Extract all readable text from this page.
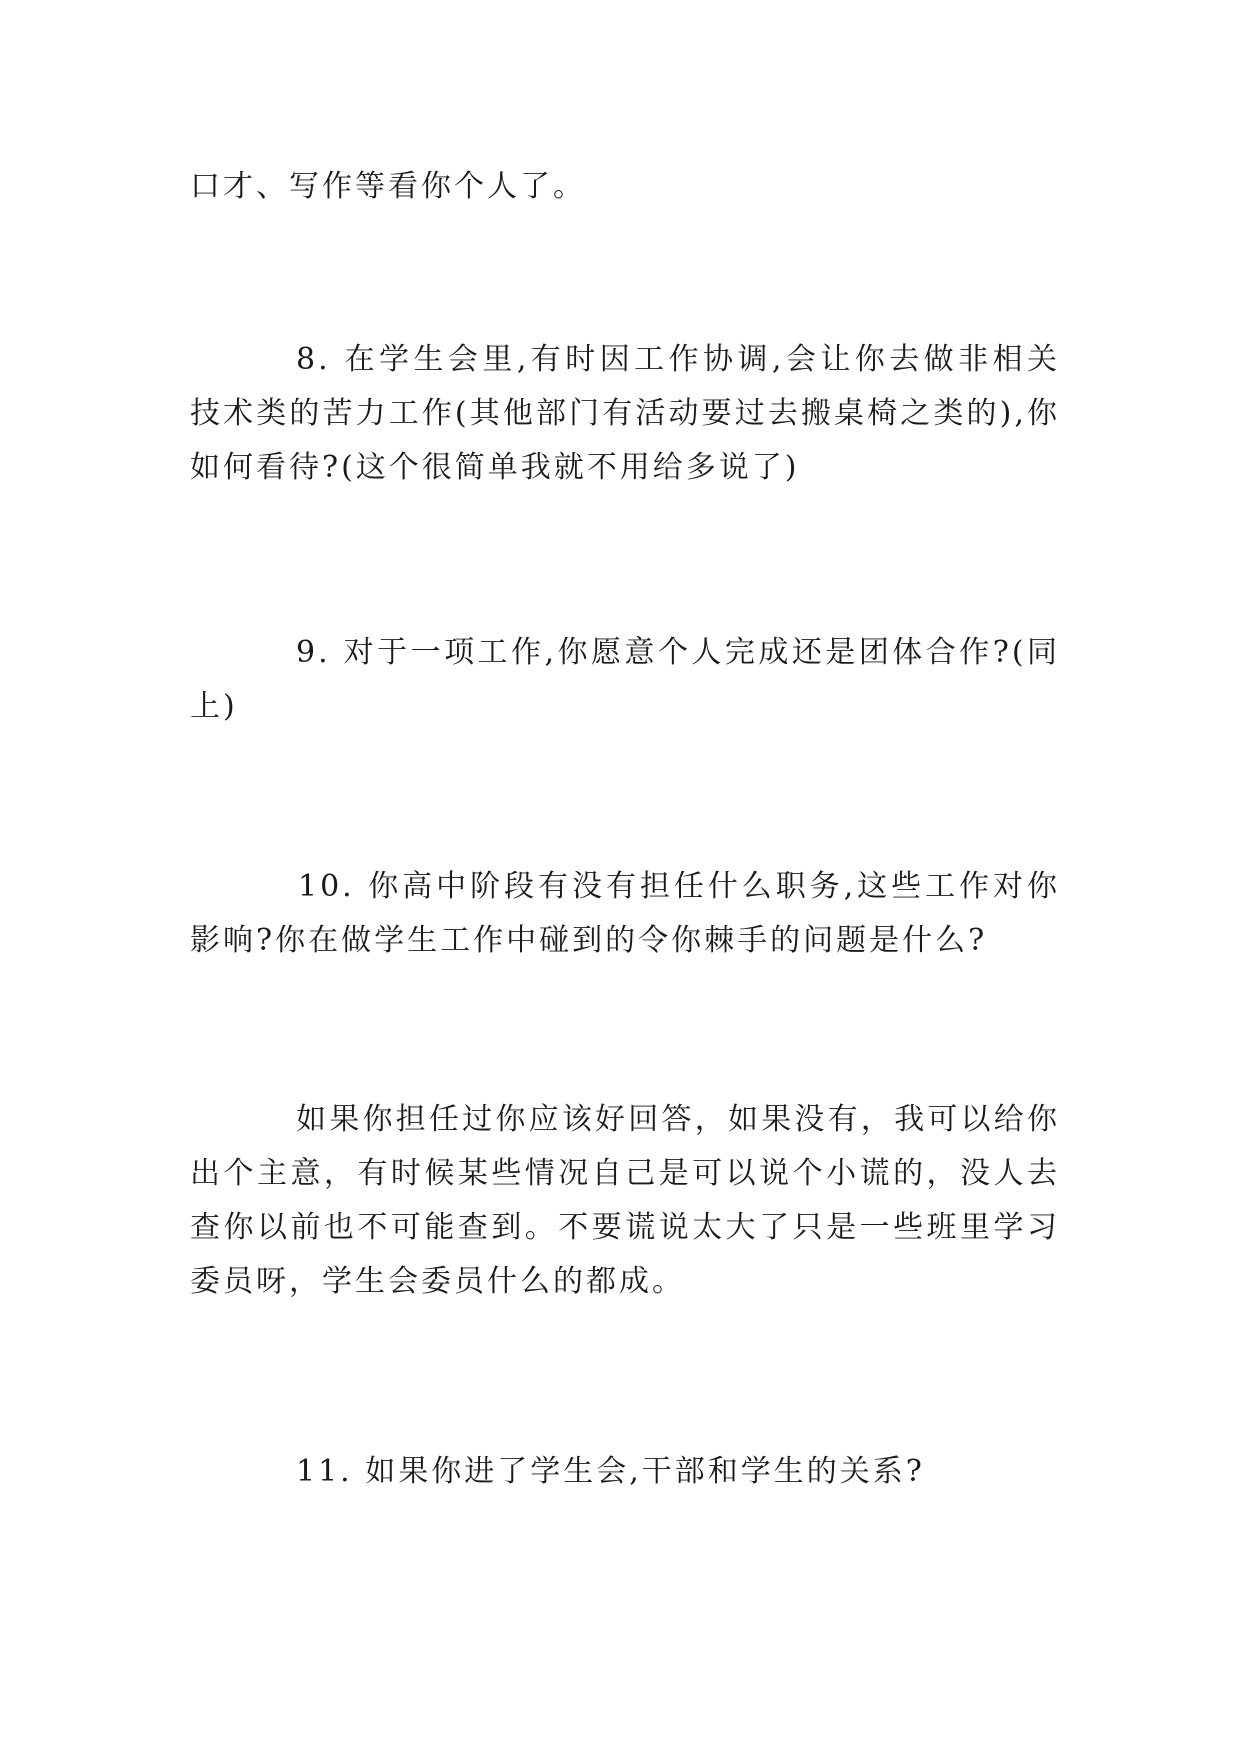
口才、写作等看你个人了。

8. 在学生会里,有时因工作协调,会让你去做非相关技术类的苦力工作(其他部门有活动要过去搬桌椅之类的),你如何看待?(这个很简单我就不用给多说了)

9. 对于一项工作,你愿意个人完成还是团体合作?(同上)

10. 你高中阶段有没有担任什么职务,这些工作对你影响?你在做学生工作中碰到的令你棘手的问题是什么?

如果你担任过你应该好回答，如果没有，我可以给你出个主意，有时候某些情况自己是可以说个小谎的，没人去查你以前也不可能查到。不要谎说太大了只是一些班里学习委员呀，学生会委员什么的都成。

11. 如果你进了学生会,干部和学生的关系?
